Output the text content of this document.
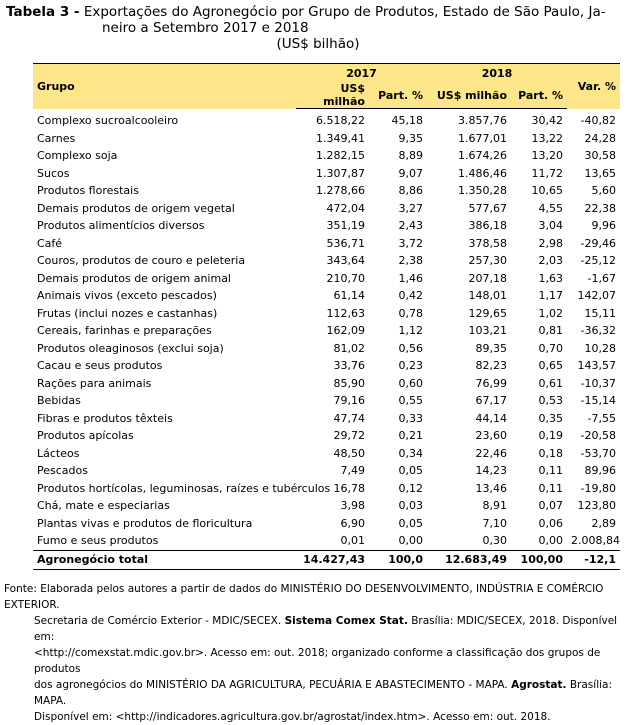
Tabela 3 - Exportações do Agronegócio por Grupo de Produtos, Estado de São Paulo, Ja-
neiro a Setembro 2017 e 2018
(US$ bilhão)
Grupo	2017		2018		Var. %
	US$ milhão	Part. %	US$ milhão	Part. %	
Complexo sucroalcooleiro	6.518,22	45,18	3.857,76	30,42	-40,82
Carnes	1.349,41	9,35	1.677,01	13,22	24,28
Complexo soja	1.282,15	8,89	1.674,26	13,20	30,58
Sucos	1.307,87	9,07	1.486,46	11,72	13,65
Produtos florestais	1.278,66	8,86	1.350,28	10,65	5,60
Demais produtos de origem vegetal	472,04	3,27	577,67	4,55	22,38
Produtos alimentícios diversos	351,19	2,43	386,18	3,04	9,96
Café	536,71	3,72	378,58	2,98	-29,46
Couros, produtos de couro e peleteria	343,64	2,38	257,30	2,03	-25,12
Demais produtos de origem animal	210,70	1,46	207,18	1,63	-1,67
Animais vivos (exceto pescados)	61,14	0,42	148,01	1,17	142,07
Frutas (inclui nozes e castanhas)	112,63	0,78	129,65	1,02	15,11
Cereais, farinhas e preparações	162,09	1,12	103,21	0,81	-36,32
Produtos oleaginosos (exclui soja)	81,02	0,56	89,35	0,70	10,28
Cacau e seus produtos	33,76	0,23	82,23	0,65	143,57
Rações para animais	85,90	0,60	76,99	0,61	-10,37
Bebidas	79,16	0,55	67,17	0,53	-15,14
Fibras e produtos têxteis	47,74	0,33	44,14	0,35	-7,55
Produtos apícolas	29,72	0,21	23,60	0,19	-20,58
Lácteos	48,50	0,34	22,46	0,18	-53,70
Pescados	7,49	0,05	14,23	0,11	89,96
Produtos hortícolas, leguminosas, raízes e tubérculos	16,78	0,12	13,46	0,11	-19,80
Chá, mate e especiarias	3,98	0,03	8,91	0,07	123,80
Plantas vivas e produtos de floricultura	6,90	0,05	7,10	0,06	2,89
Fumo e seus produtos	0,01	0,00	0,30	0,00	2.008,84
Agronegócio total	14.427,43	100,0	12.683,49	100,00	-12,1
Fonte: Elaborada pelos autores a partir de dados do MINISTÉRIO DO DESENVOLVIMENTO, INDÚSTRIA E COMÉRCIO EXTERIOR.
Secretaria de Comércio Exterior - MDIC/SECEX. Sistema Comex Stat. Brasília: MDIC/SECEX, 2018. Disponível em:
<http://comexstat.mdic.gov.br>. Acesso em: out. 2018; organizado conforme a classificação dos grupos de produtos
dos agronegócios do MINISTÉRIO DA AGRICULTURA, PECUÁRIA E ABASTECIMENTO - MAPA. Agrostat. Brasília: MAPA.
Disponível em: <http://indicadores.agricultura.gov.br/agrostat/index.htm>. Acesso em: out. 2018.
